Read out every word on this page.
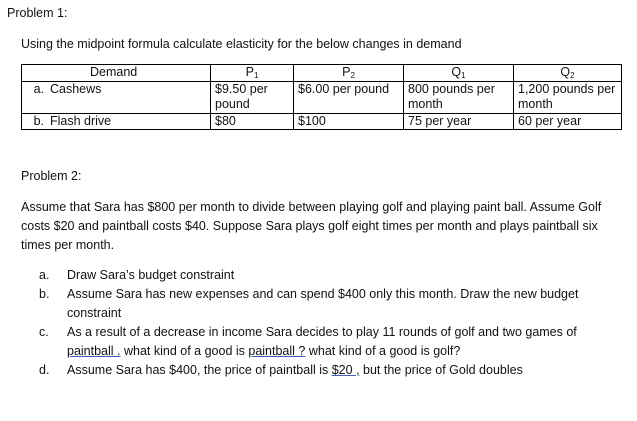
Problem 1:
Using the midpoint formula calculate elasticity for the below changes in demand
Demand	$P_1$	$P_2$	$Q_1$	$Q_2$
a. Cashews	$9.50 per pound	$6.00 per pound	800 pounds per month	1,200 pounds per month
b. Flash drive	$80	$100	75 per year	60 per year
Problem 2:
Assume that Sara has $800 per month to divide between playing golf and playing paint ball. Assume Golf costs $20 and paintball costs $40. Suppose Sara plays golf eight times per month and plays paintball six times per month.
a.	Draw Sara’s budget constraint
b.	Assume Sara has new expenses and can spend $400 only this month. Draw the new budget constraint
c.	As a result of a decrease in income Sara decides to play 11 rounds of golf and two games of paintball . what kind of a good is paintball ? what kind of a good is golf?
d.	Assume Sara has $400, the price of paintball is $20 , but the price of Gold doubles
